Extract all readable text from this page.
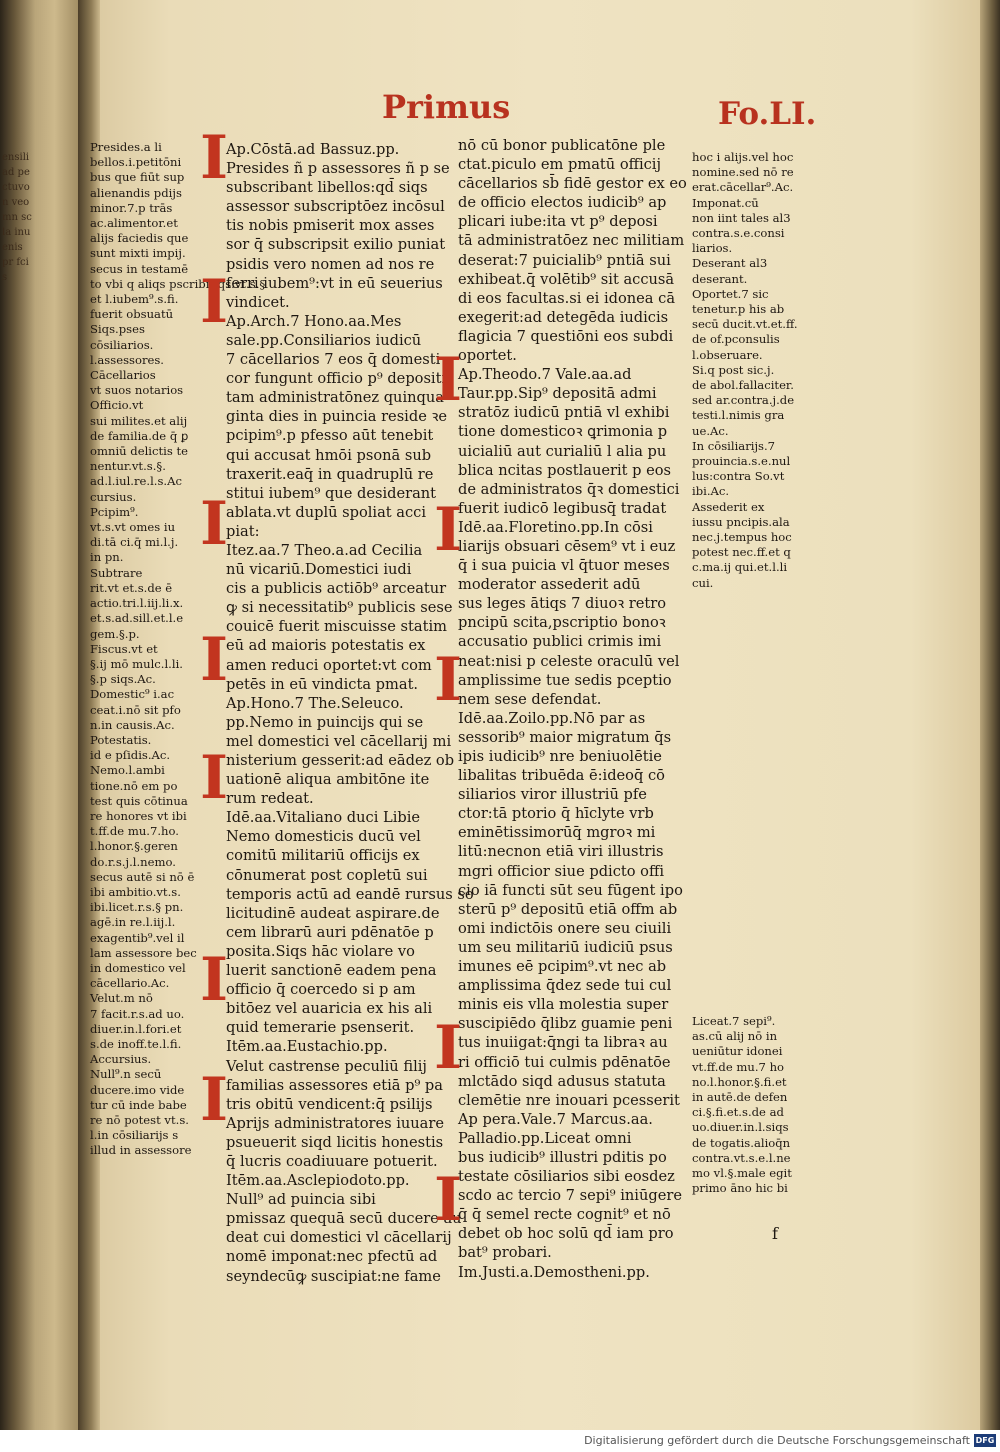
ensiliad pectuvo n veomn scla inuenis pr fci s
Primus	Fo.LI.
Presides.a li
bellos.i.petitōni
bus que fiūt sup
alienandis pdijs
minor.7.p trās
ac.alimentor.et
alijs faciedis que
sunt mixti impij.
secus in testamē
to vbi q aliqs pscribit qs.vt.s.§
et l.iubem⁹.s.fi.
fuerit obsuatū
Siqs.pses
cōsiliarios.
l.assessores.
Cācellarios
vt suos notarios
Officio.vt
sui milites.et alij
de familia.de q̄ ꝑ
omniū delictis te
nentur.vt.s.§.
ad.l.iul.re.l.s.Ac
cursius.
Pcipim⁹.
vt.s.vt omes iu
di.tā ci.q̄ mi.l.j.
in pn.
Subtrare
rit.vt et.s.de ē
actio.tri.l.iij.li.x.
et.s.ad.sill.et.l.e
gem.§.p.
Fiscus.vt et
§.ij mō mulc.l.li.
§.p siqs.Ac.
Domestic⁹ i.ac
ceat.i.nō sit pfo
n.in causis.Ac.
Potestatis.
id e pſidis.Ac.
Nemo.l.ambi
tione.nō em po
test quis cōtinua
re honores vt ibi
t.ff.de mu.7.ho.
l.honor.§.geren
do.r.s.j.l.nemo.
secus autē si nō ē
ibi ambitio.vt.s.
ibi.licet.r.s.§ pn.
agē.in re.l.iij.l.
exagentib⁹.vel il
lam assessore bec
in domestico vel
cācellario.Ac.
Velut.m nō
7 facit.r.s.ad uo.
diuer.in.l.fori.et
s.de inoff.te.l.fi.
Accursius.
Null⁹.n secū
ducere.imo vide
tur cū inde babe
re nō potest vt.s.
l.in cōsiliarijs s
illud in assessore
Ap.Cōstā.ad Bassuz.pp.
Presides ñ p assessores ñ p se
subscribant libellos:qd̄ siqs
assessor subscriptōez incōsul
tis nobis pmiserit mox asses
sor q̄ subscripsit exilio puniat
psidis vero nomen ad nos re
ferri iubem⁹:vt in eū seuerius
vindicet.
Ap.Arch.7 Hono.aa.Mes
sale.pp.Consiliarios iudicū
7 cācellarios 7 eos q̄ domesti
cor fungunt officio p⁹ depositi
tam administratōnez quinqua
ginta dies in puincia reside ꝛe
pcipim⁹.p pfesso aūt tenebit
qui accusat hmōi psonā sub
traxerit.eaq̄ in quadruplū re
stitui iubem⁹ que desiderant
ablata.vt duplū spoliat acci
piat:
Itez.aa.7 Theo.a.ad Cecilia
nū vicariū.Domestici iudi
cis a publicis actiōb⁹ arceatur
ꝙ si necessitatib⁹ publicis sese
couicē fuerit miscuisse statim
eū ad maioris potestatis ex
amen reduci oportet:vt com
petēs in eū vindicta pmat.
Ap.Hono.7 The.Seleuco.
pp.Nemo in puincijs qui se
mel domestici vel cācellarij mi
nisterium gesserit:ad eādez ob
uationē aliqua ambitōne ite
rum redeat.
Idē.aa.Vitaliano duci Libie
Nemo domesticis ducū vel
comitū militariū officijs ex
cōnumerat post copletū sui
temporis actū ad eandē rursus so
licitudinē audeat aspirare.de
cem librarū auri pdēnatōe p
posita.Siqs hāc violare vo
luerit sanctionē eadem pena
officio q̄ coercedo si p am
bitōez vel auaricia ex his ali
quid temerarie psenserit.
Itēm.aa.Eustachio.pp.
Velut castrense peculiū filij
familias assessores etiā p⁹ pa
tris obitū vendicent:q̄ psilijs
Aprijs administratores iuuare
psueuerit siqd licitis honestis
q̄ lucris coadiuuare potuerit.
Itēm.aa.Asclepiodoto.pp.
Null⁹ ad puincia sibi
pmissaz quequā secū ducere au
deat cui domestici vl cācellarij
nomē imponat:nec pfectū ad
seyndecūꝙ suscipiat:ne fame
nō cū bonor publicatōne ple
ctat.piculo em pmatū officij
cācellarios sb̄ fidē gestor ex eo
de officio electos iudicib⁹ ap
plicari iube:ita vt p⁹ deposi
tā administratōez nec militiam
deserat:7 puicialib⁹ pntiā sui
exhibeat.q̄ volētib⁹ sit accusā
di eos facultas.si ei idonea cā
exegerit:ad detegēda iudicis
flagicia 7 questiōni eos subdi
oportet.
Ap.Theodo.7 Vale.aa.ad
Taur.pp.Sip⁹ depositā admi
stratōz iudicū pntiā vl exhibi
tione domesticoꝛ ꝗrimonia p
uicialiū aut curialiū l alia pu
blica ncitas postlauerit p eos
de administratos q̄ꝛ domestici
fuerit iudicō legibusq̄ tradat
Idē.aa.Floretino.pp.In cōsi
liarijs obsuari cēsem⁹ vt i euz
q̄ i sua puicia vl q̄tuor meses
moderator assederit adū
sus leges ātiqs 7 diuoꝛ retro
pncipū scita,pscriptio bonoꝛ
accusatio publici crimis imi
neat:nisi p celeste oraculū vel
amplissime tue sedis pceptio
nem sese defendat.
Idē.aa.Zoilo.pp.Nō par as
sessorib⁹ maior migratum q̄s
ipis iudicib⁹ nre beniuolētie
libalitas tribuēda ē:ideoq̄ cō
siliarios viror illustriū pfe
ctor:tā ptorio q̄ hīclyte vrb
eminētissimorūq̄ mgroꝛ mi
litū:necnon etiā viri illustris
mgri officior siue pdicto offi
cio iā functi sūt seu fūgent ipo
sterū p⁹ depositū etiā offm ab
omi indictōis onere seu ciuili
um seu militariū iudiciū psus
imunes eē pcipim⁹.vt nec ab
amplissima q̄dez sede tui cul
minis eis vlla molestia super
suscipiēdo q̄libz guamie peni
tus inuiigat:q̄ngi ta libraꝛ au
ri officiō tui culmis pdēnatōe
mlctādo siqd adusus statuta
clemētie nre inouari pcesserit
Ap pera.Vale.7 Marcus.aa.
Palladio.pp.Liceat omni
bus iudicib⁹ illustri pditis po
testate cōsiliarios sibi eosdez
scdo ac tercio 7 sepi⁹ iniūgere
q̄ q̄ semel recte cognit⁹ et nō
debet ob hoc solū qd̄ iam pro
bat⁹ probari.
Im.Justi.a.Demostheni.pp.
hoc i alijs.vel hoc
nomine.sed nō re
erat.cācellar⁹.Ac.
Imponat.cū
non iint tales al3
contra.s.e.consi
liarios.
Deserant al3
deserant.
Oportet.7 sic
tenetur.p his ab
secū ducit.vt.et.ff.
de of.pconsulis
l.obseruare.
Si.q post sic.j.
de abol.fallaciter.
sed ar.contra.j.de
testi.l.nimis gra
ue.Ac.
In cōsiliarijs.7
prouincia.s.e.nul
lus:contra So.vt
ibi.Ac.
Assederit ex
iussu pncipis.ala
nec.j.tempus hoc
potest nec.ff.et q
c.ma.ij qui.et.l.li
cui.
Liceat.7 sepi⁹.
as.cū alij nō in
ueniūtur idonei
vt.ff.de mu.7 ho
no.l.honor.§.fi.et
in autē.de defen
ci.§.fi.et.s.de ad
uo.diuer.in.l.siqs
de togatis.alioq̄n
contra.vt.s.e.l.ne
mo vl.§.male egit
primo āno hic bi
I
I
I
I
I
I
I
I
I
I
I
I	f
Digitalisierung gefördert durch die Deutsche Forschungsgemeinschaft DFG
